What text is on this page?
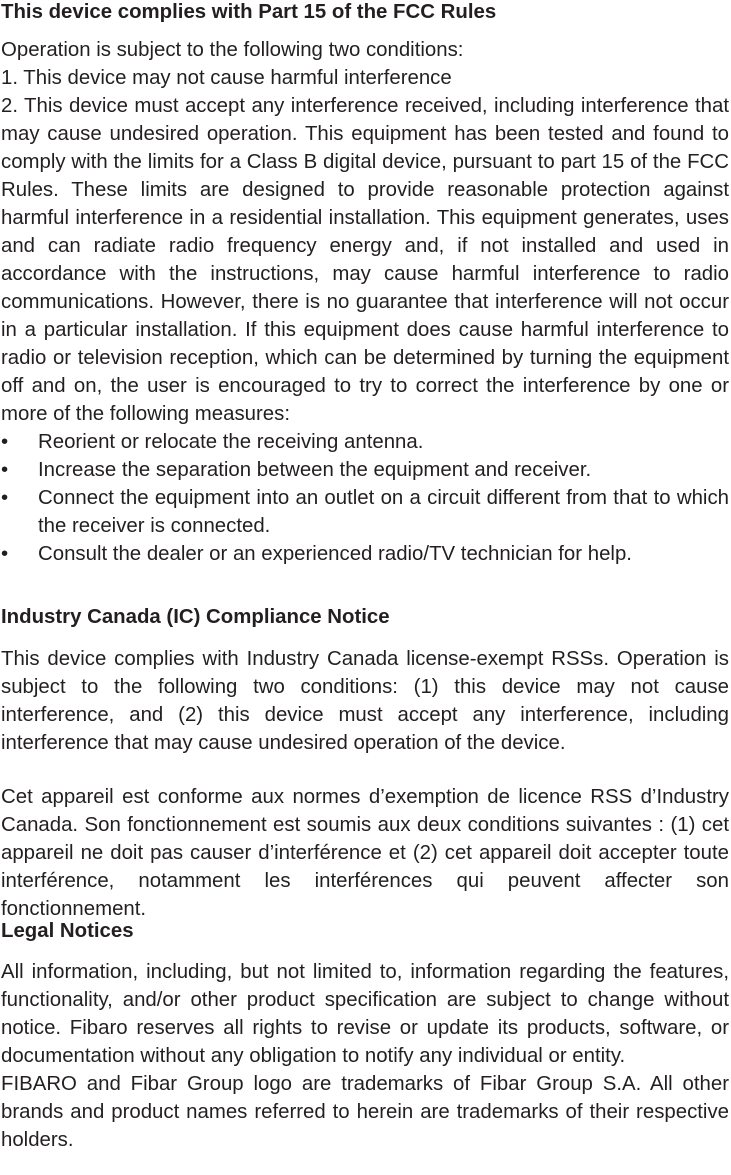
This device complies with Part 15 of the FCC Rules

Operation is subject to the following two conditions:

1. This device may not cause harmful interference

2. This device must accept any interference received, including interference that may cause undesired operation. This equipment has been tested and found to comply with the limits for a Class B digital device, pursuant to part 15 of the FCC Rules. These limits are designed to provide reasonable protection against harmful interference in a residential installation. This equipment generates, uses and can radiate radio frequency energy and, if not installed and used in accordance with the instructions, may cause harmful interference to radio communications. However, there is no guarantee that interference will not occur in a particular installation. If this equipment does cause harmful interference to radio or television reception, which can be determined by turning the equipment off and on, the user is encouraged to try to correct the interference by one or more of the following measures:

• Reorient or relocate the receiving antenna.
• Increase the separation between the equipment and receiver.
• Connect the equipment into an outlet on a circuit different from that to which the receiver is connected.
• Consult the dealer or an experienced radio/TV technician for help.
Industry Canada (IC) Compliance Notice

This device complies with Industry Canada license-exempt RSSs. Operation is subject to the following two conditions: (1) this device may not cause interference, and (2) this device must accept any interference, including interference that may cause undesired operation of the device.

Cet appareil est conforme aux normes d’exemption de licence RSS d’Industry Canada. Son fonctionnement est soumis aux deux conditions suivantes : (1) cet appareil ne doit pas causer d’interférence et (2) cet appareil doit accepter toute interférence, notamment les interférences qui peuvent affecter son fonctionnement.

Legal Notices

All information, including, but not limited to, information regarding the features, functionality, and/or other product specification are subject to change without notice. Fibaro reserves all rights to revise or update its products, software, or documentation without any obligation to notify any individual or entity.

FIBARO and Fibar Group logo are trademarks of Fibar Group S.A. All other brands and product names referred to herein are trademarks of their respective holders.
